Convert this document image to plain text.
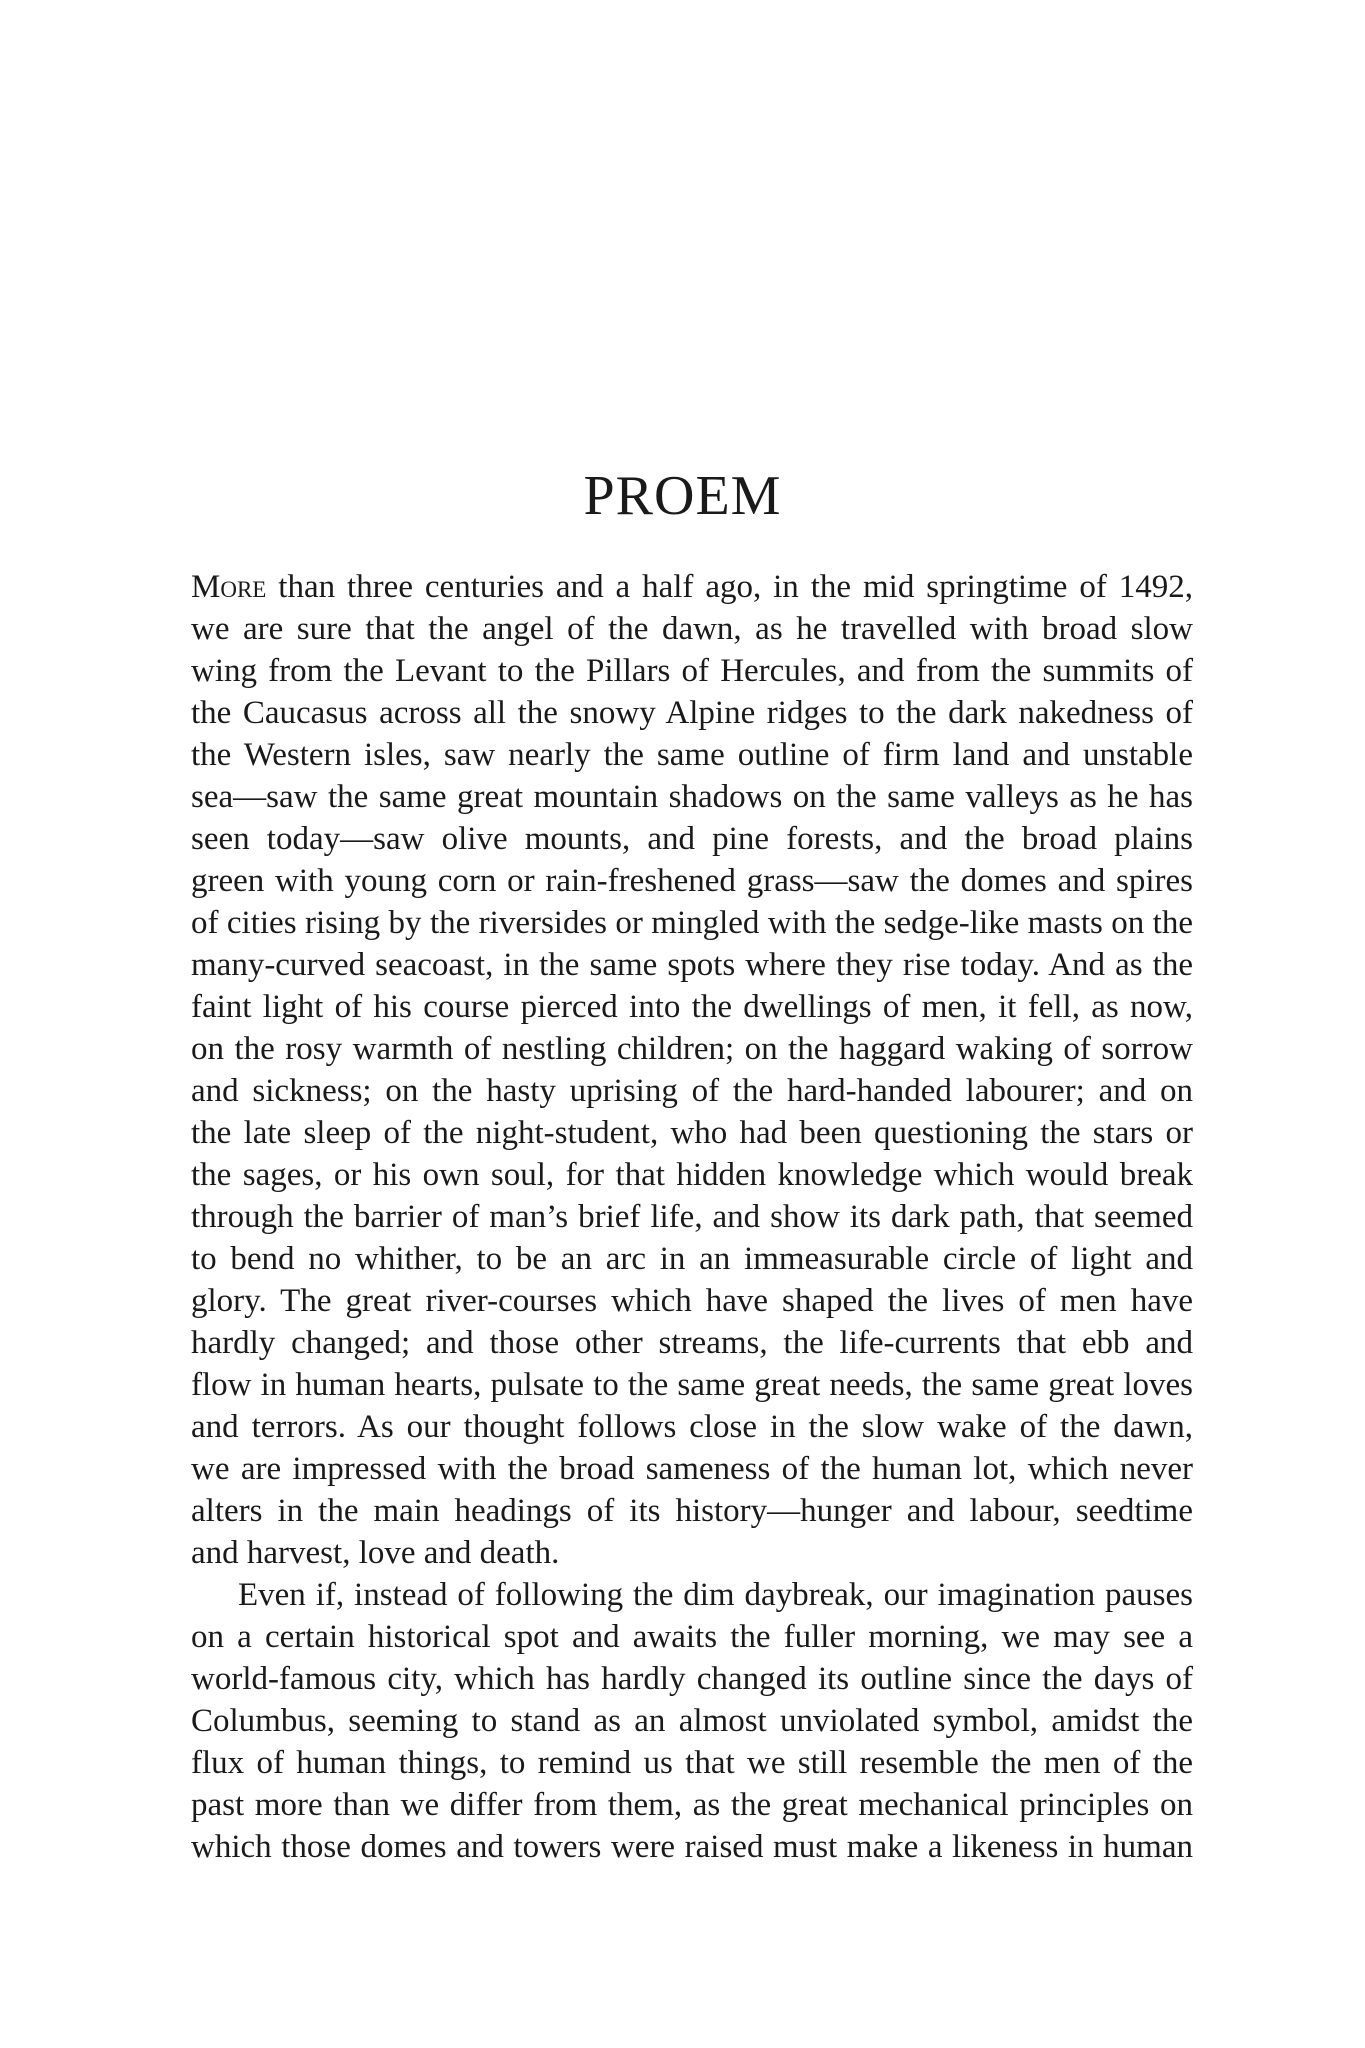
PROEM

More than three centuries and a half ago, in the mid springtime of 1492,
we are sure that the angel of the dawn, as he travelled with broad slow
wing from the Levant to the Pillars of Hercules, and from the summits of
the Caucasus across all the snowy Alpine ridges to the dark nakedness of
the Western isles, saw nearly the same outline of firm land and unstable
sea—saw the same great mountain shadows on the same valleys as he has
seen today—saw olive mounts, and pine forests, and the broad plains
green with young corn or rain-freshened grass—saw the domes and spires
of cities rising by the riversides or mingled with the sedge-like masts on the
many-curved seacoast, in the same spots where they rise today. And as the
faint light of his course pierced into the dwellings of men, it fell, as now,
on the rosy warmth of nestling children; on the haggard waking of sorrow
and sickness; on the hasty uprising of the hard-handed labourer; and on
the late sleep of the night-student, who had been questioning the stars or
the sages, or his own soul, for that hidden knowledge which would break
through the barrier of man’s brief life, and show its dark path, that seemed
to bend no whither, to be an arc in an immeasurable circle of light and
glory. The great river-courses which have shaped the lives of men have
hardly changed; and those other streams, the life-currents that ebb and
flow in human hearts, pulsate to the same great needs, the same great loves
and terrors. As our thought follows close in the slow wake of the dawn,
we are impressed with the broad sameness of the human lot, which never
alters in the main headings of its history—hunger and labour, seedtime
and harvest, love and death.

Even if, instead of following the dim daybreak, our imagination pauses
on a certain historical spot and awaits the fuller morning, we may see a
world-famous city, which has hardly changed its outline since the days of
Columbus, seeming to stand as an almost unviolated symbol, amidst the
flux of human things, to remind us that we still resemble the men of the
past more than we differ from them, as the great mechanical principles on
which those domes and towers were raised must make a likeness in human
